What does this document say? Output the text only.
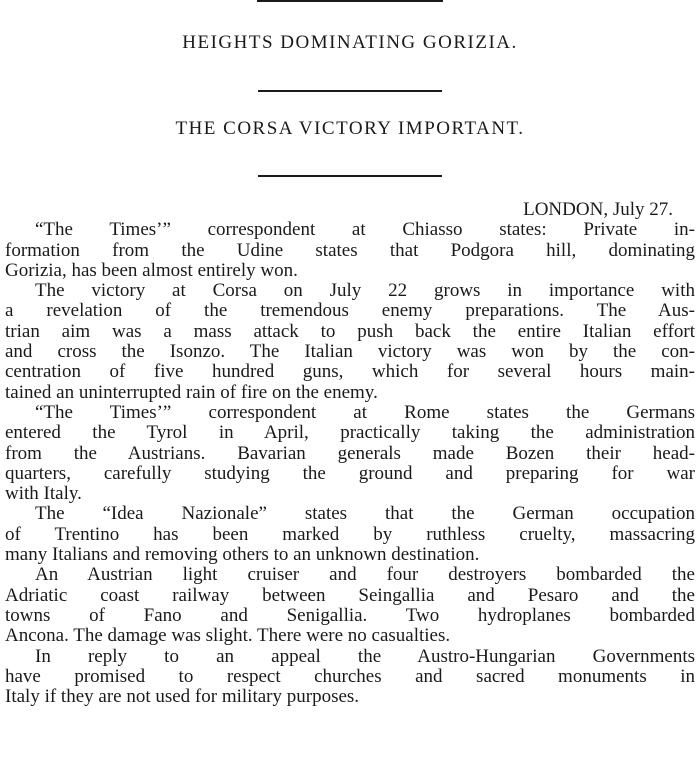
HEIGHTS DOMINATING GORIZIA.
THE CORSA VICTORY IMPORTANT.

LONDON, July 27.

“The Times’” correspondent at Chiasso states: Private in-
formation from the Udine states that Podgora hill, dominating
Gorizia, has been almost entirely won.
The victory at Corsa on July 22 grows in importance with
a revelation of the tremendous enemy preparations. The Aus-
trian aim was a mass attack to push back the entire Italian effort
and cross the Isonzo. The Italian victory was won by the con-
centration of five hundred guns, which for several hours main-
tained an uninterrupted rain of fire on the enemy.
“The Times’” correspondent at Rome states the Germans
entered the Tyrol in April, practically taking the administration
from the Austrians. Bavarian generals made Bozen their head-
quarters, carefully studying the ground and preparing for war
with Italy.
The “Idea Nazionale” states that the German occupation
of Trentino has been marked by ruthless cruelty, massacring
many Italians and removing others to an unknown destination.
An Austrian light cruiser and four destroyers bombarded the
Adriatic coast railway between Seingallia and Pesaro and the
towns of Fano and Senigallia. Two hydroplanes bombarded
Ancona. The damage was slight. There were no casualties.
In reply to an appeal the Austro-Hungarian Governments
have promised to respect churches and sacred monuments in
Italy if they are not used for military purposes.
